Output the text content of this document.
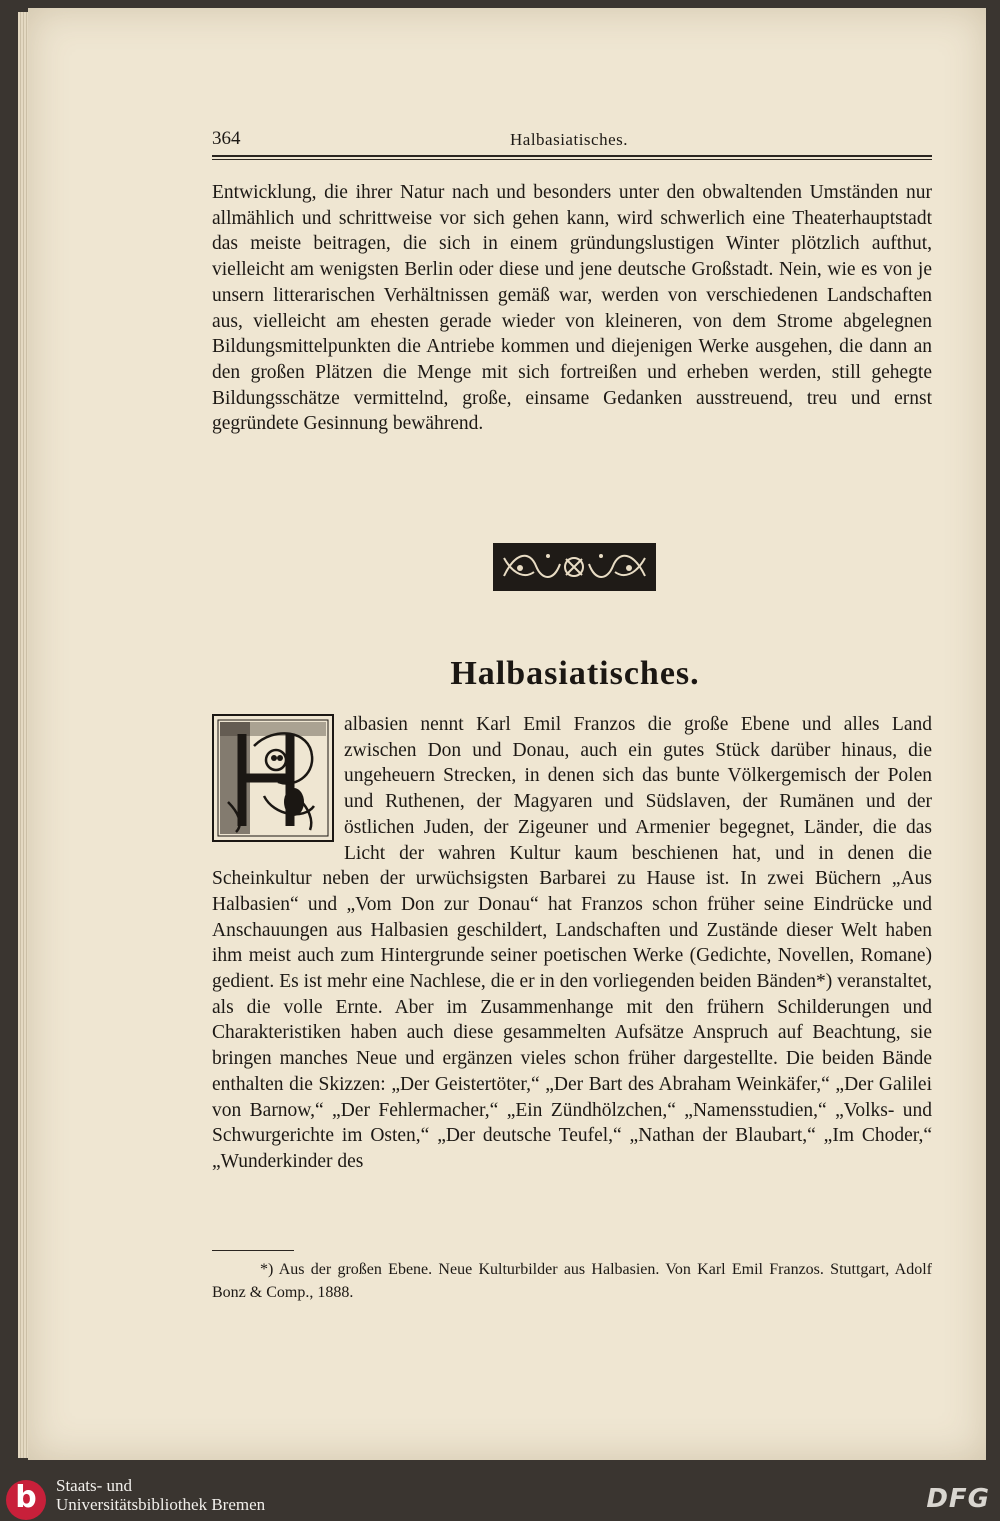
364	Halbasiatisches.

Entwicklung, die ihrer Natur nach und besonders unter den obwaltenden Umständen nur allmählich und schrittweise vor sich gehen kann, wird schwerlich eine Theaterhauptstadt das meiste beitragen, die sich in einem gründungslustigen Winter plötzlich aufthut, vielleicht am wenigsten Berlin oder diese und jene deutsche Großstadt. Nein, wie es von je unsern litterarischen Verhältnissen gemäß war, werden von verschiedenen Landschaften aus, vielleicht am ehesten gerade wieder von kleineren, von dem Strome abgelegnen Bildungsmittelpunkten die Antriebe kommen und diejenigen Werke ausgehen, die dann an den großen Plätzen die Menge mit sich fortreißen und erheben werden, still gehegte Bildungsschätze vermittelnd, große, einsame Gedanken ausstreuend, treu und ernst gegründete Gesinnung bewährend.

Halbasiatisches.

albasien nennt Karl Emil Franzos die große Ebene und alles Land zwischen Don und Donau, auch ein gutes Stück darüber hinaus, die ungeheuern Strecken, in denen sich das bunte Völkergemisch der Polen und Ruthenen, der Magyaren und Südslaven, der Rumänen und der östlichen Juden, der Zigeuner und Armenier begegnet, Länder, die das Licht der wahren Kultur kaum beschienen hat, und in denen die Scheinkultur neben der urwüchsigsten Barbarei zu Hause ist. In zwei Büchern „Aus Halbasien“ und „Vom Don zur Donau“ hat Franzos schon früher seine Eindrücke und Anschauungen aus Halbasien geschildert, Landschaften und Zustände dieser Welt haben ihm meist auch zum Hintergrunde seiner poetischen Werke (Gedichte, Novellen, Romane) gedient. Es ist mehr eine Nachlese, die er in den vorliegenden beiden Bänden*) veranstaltet, als die volle Ernte. Aber im Zusammenhange mit den frühern Schilderungen und Charakteristiken haben auch diese gesammelten Aufsätze Anspruch auf Beachtung, sie bringen manches Neue und ergänzen vieles schon früher dargestellte. Die beiden Bände enthalten die Skizzen: „Der Geistertöter,“ „Der Bart des Abraham Weinkäfer,“ „Der Galilei von Barnow,“ „Der Fehlermacher,“ „Ein Zündhölzchen,“ „Namensstudien,“ „Volks- und Schwurgerichte im Osten,“ „Der deutsche Teufel,“ „Nathan der Blaubart,“ „Im Choder,“ „Wunderkinder des

*) Aus der großen Ebene. Neue Kulturbilder aus Halbasien. Von Karl Emil Franzos. Stuttgart, Adolf Bonz & Comp., 1888.

b	Staats- und
Universitätsbibliothek Bremen	DFG
